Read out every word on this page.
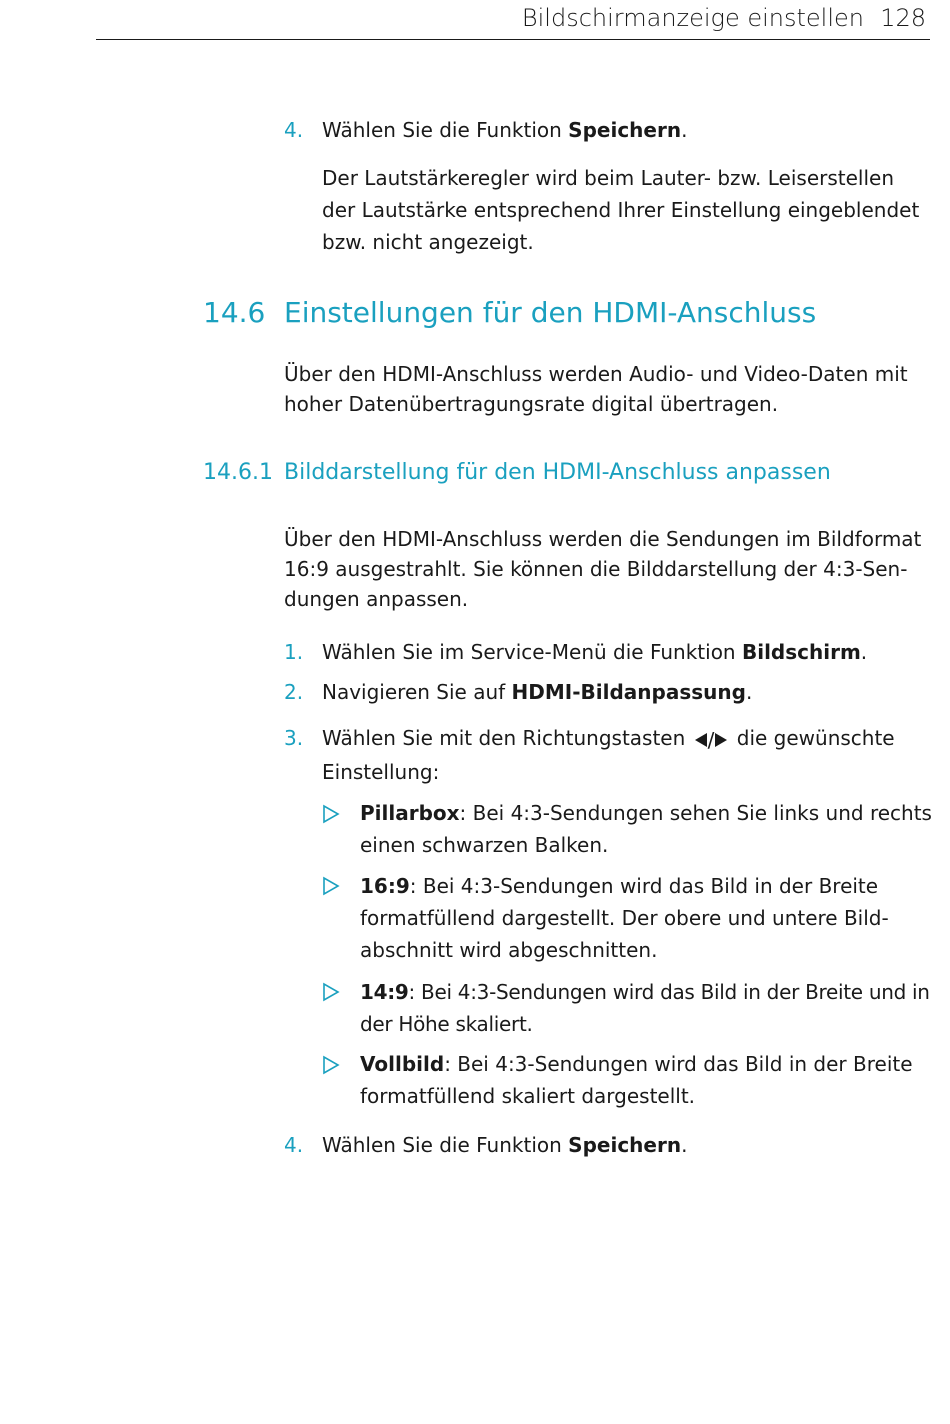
Bildschirmanzeige einstellen 128
4. Wählen Sie die Funktion Speichern.
Der Lautstärkeregler wird beim Lauter- bzw. Leiserstellen
der Lautstärke entsprechend Ihrer Einstellung eingeblendet
bzw. nicht angezeigt.
14.6 Einstellungen für den HDMI-Anschluss
Über den HDMI-Anschluss werden Audio- und Video-Daten mit
hoher Datenübertragungsrate digital übertragen.
14.6.1 Bilddarstellung für den HDMI-Anschluss anpassen
Über den HDMI-Anschluss werden die Sendungen im Bildformat
16:9 ausgestrahlt. Sie können die Bilddarstellung der 4:3-Sen-
dungen anpassen.
1. Wählen Sie im Service-Menü die Funktion Bildschirm.
2. Navigieren Sie auf HDMI-Bildanpassung.
3. Wählen Sie mit den Richtungstasten / die gewünschte
Einstellung:
Pillarbox: Bei 4:3-Sendungen sehen Sie links und rechts
einen schwarzen Balken.
16:9: Bei 4:3-Sendungen wird das Bild in der Breite
formatfüllend dargestellt. Der obere und untere Bild-
abschnitt wird abgeschnitten.
14:9: Bei 4:3-Sendungen wird das Bild in der Breite und in
der Höhe skaliert.
Vollbild: Bei 4:3-Sendungen wird das Bild in der Breite
formatfüllend skaliert dargestellt.
4. Wählen Sie die Funktion Speichern.
